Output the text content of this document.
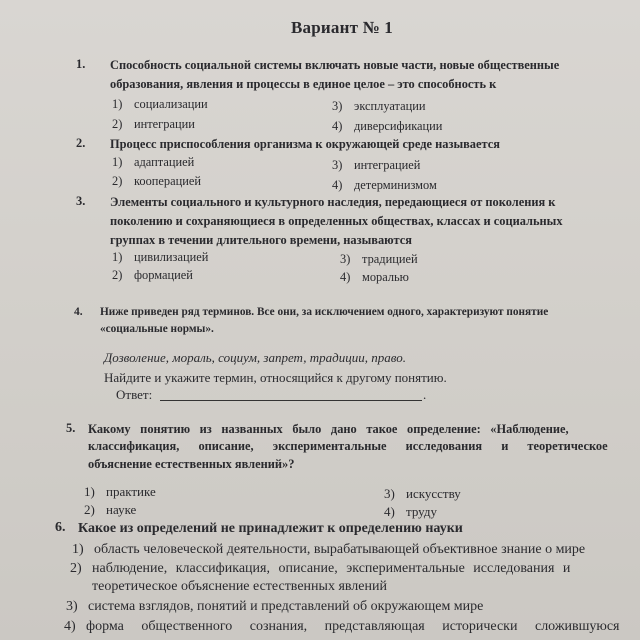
Вариант № 1
1. Способность социальной системы включать новые части, новые общественные
образования, явления и процессы в единое целое – это способность к
1) социализации
2) интеграции
3) эксплуатации
4) диверсификации
2. Процесс приспособления организма к окружающей среде называется
1) адаптацией
2) кооперацией
3) интеграцией
4) детерминизмом
3. Элементы социального и культурного наследия, передающиеся от поколения к
поколению и сохраняющиеся в определенных обществах, классах и социальных
группах в течении длительного времени, называются
1) цивилизацией
2) формацией
3) традицией
4) моралью
4. Ниже приведен ряд терминов. Все они, за исключением одного, характеризуют понятие
«социальные нормы».
Дозволение, мораль, социум, запрет, традиции, право.
Найдите и укажите термин, относящийся к другому понятию.
Ответ:	.
5. Какому понятию из названных было дано такое определение: «Наблюдение,
классификация, описание, экспериментальные исследования и теоретическое
объяснение естественных явлений»?
1) практике
2) науке
3) искусству
4) труду
6. Какое из определений не принадлежит к определению науки
1) область человеческой деятельности, вырабатывающей объективное знание о мире
2) наблюдение, классификация, описание, экспериментальные исследования и
теоретическое объяснение естественных явлений
3) система взглядов, понятий и представлений об окружающем мире
4) форма общественного сознания, представляющая исторически сложившуюся
